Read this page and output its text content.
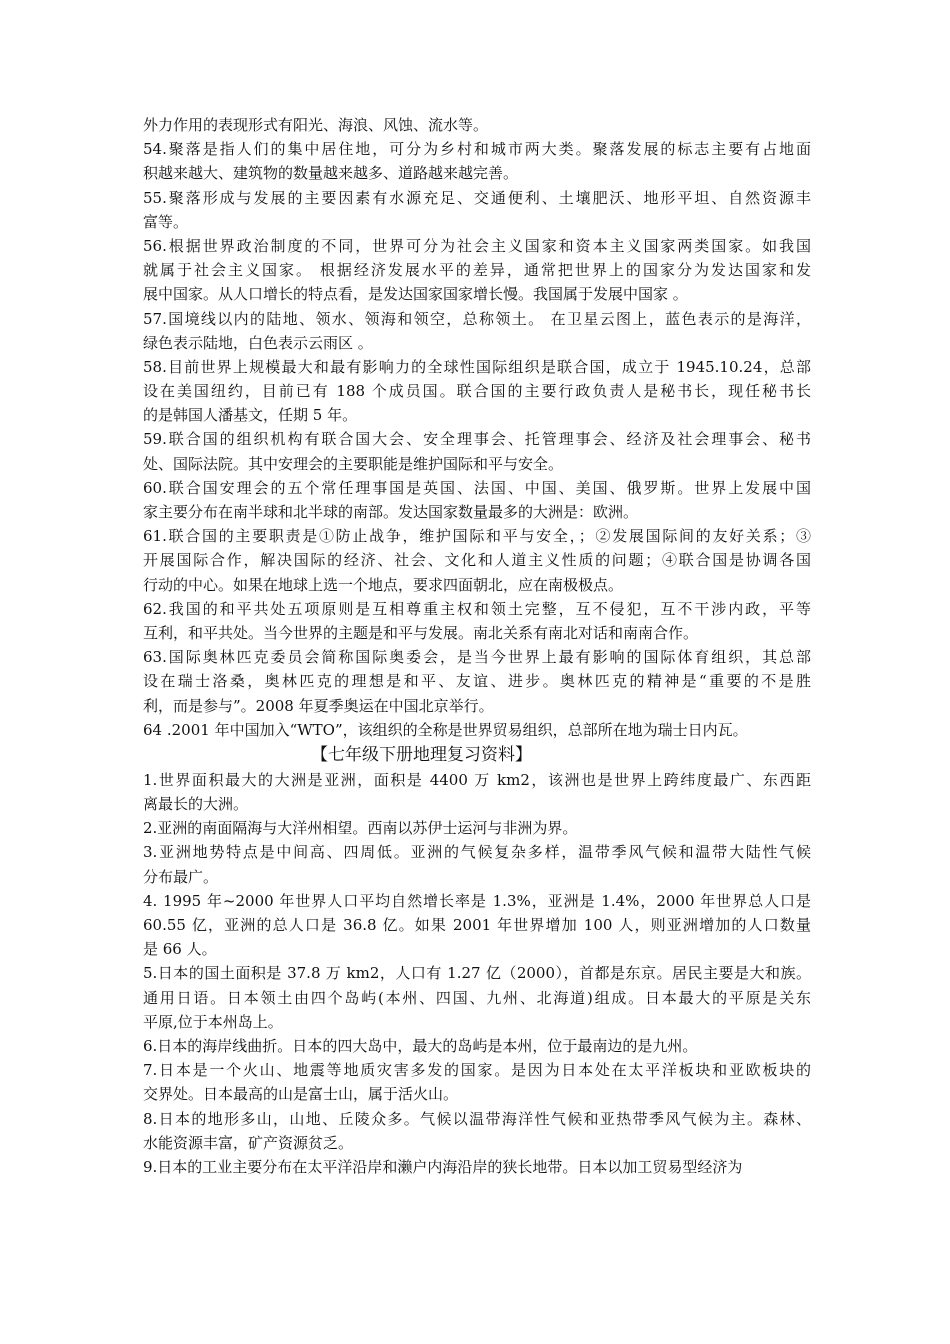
外力作用的表现形式有阳光、海浪、风蚀、流水等。
54.聚落是指人们的集中居住地，可分为乡村和城市两大类。聚落发展的标志主要有占地面
积越来越大、建筑物的数量越来越多、道路越来越完善。
55.聚落形成与发展的主要因素有水源充足、交通便利、土壤肥沃、地形平坦、自然资源丰
富等。
56.根据世界政治制度的不同，世界可分为社会主义国家和资本主义国家两类国家。如我国
就属于社会主义国家。 根据经济发展水平的差异，通常把世界上的国家分为发达国家和发
展中国家。从人口增长的特点看，是发达国家国家增长慢。我国属于发展中国家 。
57.国境线以内的陆地、领水、领海和领空，总称领土。 在卫星云图上，蓝色表示的是海洋，
绿色表示陆地，白色表示云雨区 。
58.目前世界上规模最大和最有影响力的全球性国际组织是联合国，成立于 1945.10.24，总部
设在美国纽约，目前已有 188 个成员国。联合国的主要行政负责人是秘书长，现任秘书长
的是韩国人潘基文，任期 5 年。
59.联合国的组织机构有联合国大会、安全理事会、托管理事会、经济及社会理事会、秘书
处、国际法院。其中安理会的主要职能是维护国际和平与安全。
60.联合国安理会的五个常任理事国是英国、法国、中国、美国、俄罗斯。世界上发展中国
家主要分布在南半球和北半球的南部。发达国家数量最多的大洲是：欧洲。
61.联合国的主要职责是①防止战争，维护国际和平与安全，；②发展国际间的友好关系；③
开展国际合作，解决国际的经济、社会、文化和人道主义性质的问题；④联合国是协调各国
行动的中心。如果在地球上选一个地点，要求四面朝北，应在南极极点。
62.我国的和平共处五项原则是互相尊重主权和领土完整，互不侵犯，互不干涉内政，平等
互利，和平共处。当今世界的主题是和平与发展。南北关系有南北对话和南南合作。
63.国际奥林匹克委员会简称国际奥委会，是当今世界上最有影响的国际体育组织，其总部
设在瑞士洛桑，奥林匹克的理想是和平、友谊、进步。奥林匹克的精神是“重要的不是胜
利，而是参与”。2008 年夏季奥运在中国北京举行。
64 .2001 年中国加入“WTO”，该组织的全称是世界贸易组织，总部所在地为瑞士日内瓦。
【七年级下册地理复习资料】
1.世界面积最大的大洲是亚洲，面积是 4400 万 km2，该洲也是世界上跨纬度最广、东西距
离最长的大洲。
2.亚洲的南面隔海与大洋州相望。西南以苏伊士运河与非洲为界。
3.亚洲地势特点是中间高、四周低。亚洲的气候复杂多样，温带季风气候和温带大陆性气候
分布最广。
4. 1995 年~2000 年世界人口平均自然增长率是 1.3%，亚洲是 1.4%，2000 年世界总人口是
60.55 亿，亚洲的总人口是 36.8 亿。如果 2001 年世界增加 100 人，则亚洲增加的人口数量
是 66 人。
5.日本的国土面积是 37.8 万 km2，人口有 1.27 亿（2000），首都是东京。居民主要是大和族。
通用日语。日本领土由四个岛屿(本州、四国、九州、北海道)组成。日本最大的平原是关东
平原,位于本州岛上。
6.日本的海岸线曲折。日本的四大岛中，最大的岛屿是本州，位于最南边的是九州。
7.日本是一个火山、地震等地质灾害多发的国家。是因为日本处在太平洋板块和亚欧板块的
交界处。日本最高的山是富士山，属于活火山。
8.日本的地形多山，山地、丘陵众多。气候以温带海洋性气候和亚热带季风气候为主。森林、
水能资源丰富，矿产资源贫乏。
9.日本的工业主要分布在太平洋沿岸和濑户内海沿岸的狭长地带。日本以加工贸易型经济为
